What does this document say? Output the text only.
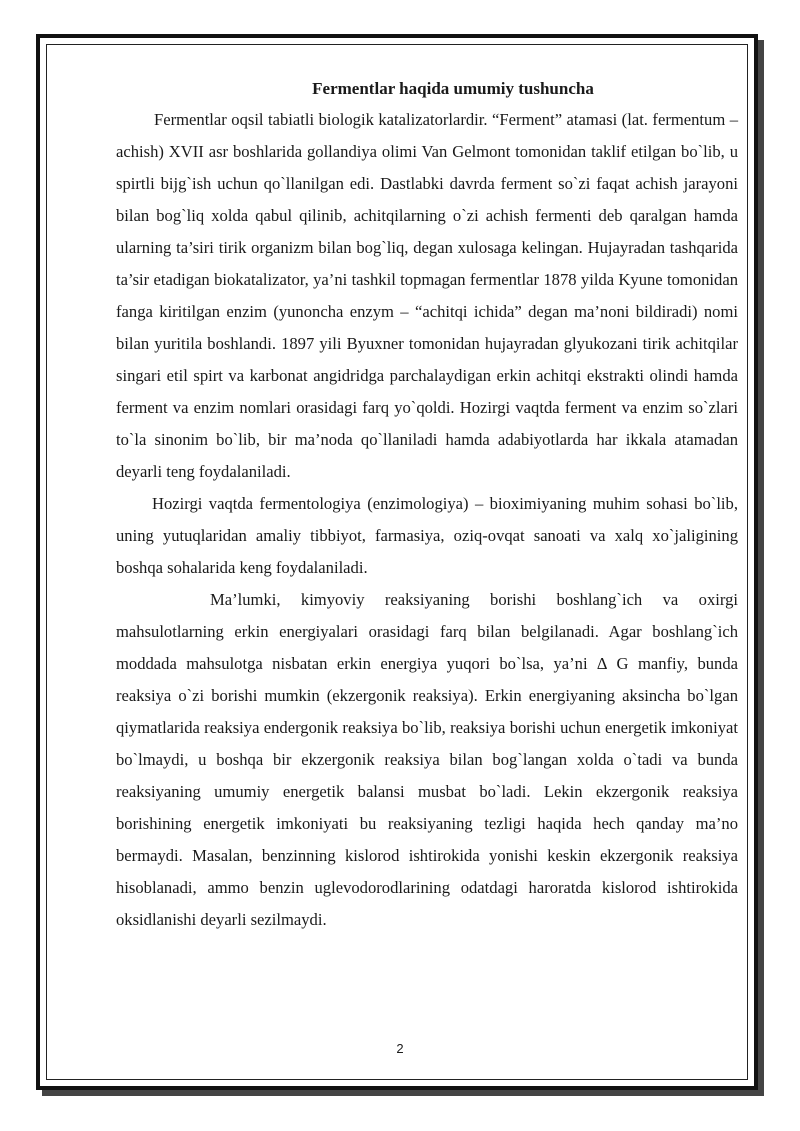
Fermentlar haqida umumiy tushuncha

Fermentlar oqsil tabiatli biologik katalizatorlardir. “Ferment” atamasi (lat. fermentum – achish) XVII asr boshlarida gollandiya olimi Van Gelmont tomonidan taklif etilgan bo`lib, u spirtli bijg`ish uchun qo`llanilgan edi. Dastlabki davrda ferment so`zi faqat achish jarayoni bilan bog`liq xolda qabul qilinib, achitqilarning o`zi achish fermenti deb qaralgan hamda ularning ta’siri tirik organizm bilan bog`liq, degan xulosaga kelingan. Hujayradan tashqarida ta’sir etadigan biokatalizator, ya’ni tashkil topmagan fermentlar 1878 yilda Kyune tomonidan fanga kiritilgan enzim (yunoncha enzym – “achitqi ichida” degan ma’noni bildiradi) nomi bilan yuritila boshlandi. 1897 yili Byuxner tomonidan hujayradan glyukozani tirik achitqilar singari etil spirt va karbonat angidridga parchalaydigan erkin achitqi ekstrakti olindi hamda ferment va enzim nomlari orasidagi farq yo`qoldi. Hozirgi vaqtda ferment va enzim so`zlari to`la sinonim bo`lib, bir ma’noda qo`llaniladi hamda adabiyotlarda har ikkala atamadan deyarli teng foydalaniladi.

Hozirgi vaqtda fermentologiya (enzimologiya) – bioximiyaning muhim sohasi bo`lib, uning yutuqlaridan amaliy tibbiyot, farmasiya, oziq-ovqat sanoati va xalq xo`jaligining boshqa sohalarida keng foydalaniladi.

Ma’lumki, kimyoviy reaksiyaning borishi boshlang`ich va oxirgi mahsulotlarning erkin energiyalari orasidagi farq bilan belgilanadi. Agar boshlang`ich moddada mahsulotga nisbatan erkin energiya yuqori bo`lsa, ya’ni ∆ G manfiy, bunda reaksiya o`zi borishi mumkin (ekzergonik reaksiya). Erkin energiyaning aksincha bo`lgan qiymatlarida reaksiya endergonik reaksiya bo`lib, reaksiya borishi uchun energetik imkoniyat bo`lmaydi, u boshqa bir ekzergonik reaksiya bilan bog`langan xolda o`tadi va bunda reaksiyaning umumiy energetik balansi musbat bo`ladi. Lekin ekzergonik reaksiya borishining energetik imkoniyati bu reaksiyaning tezligi haqida hech qanday ma’no bermaydi. Masalan, benzinning kislorod ishtirokida yonishi keskin ekzergonik reaksiya hisoblanadi, ammo benzin uglevodorodlarining odatdagi haroratda kislorod ishtirokida oksidlanishi deyarli sezilmaydi.

2
